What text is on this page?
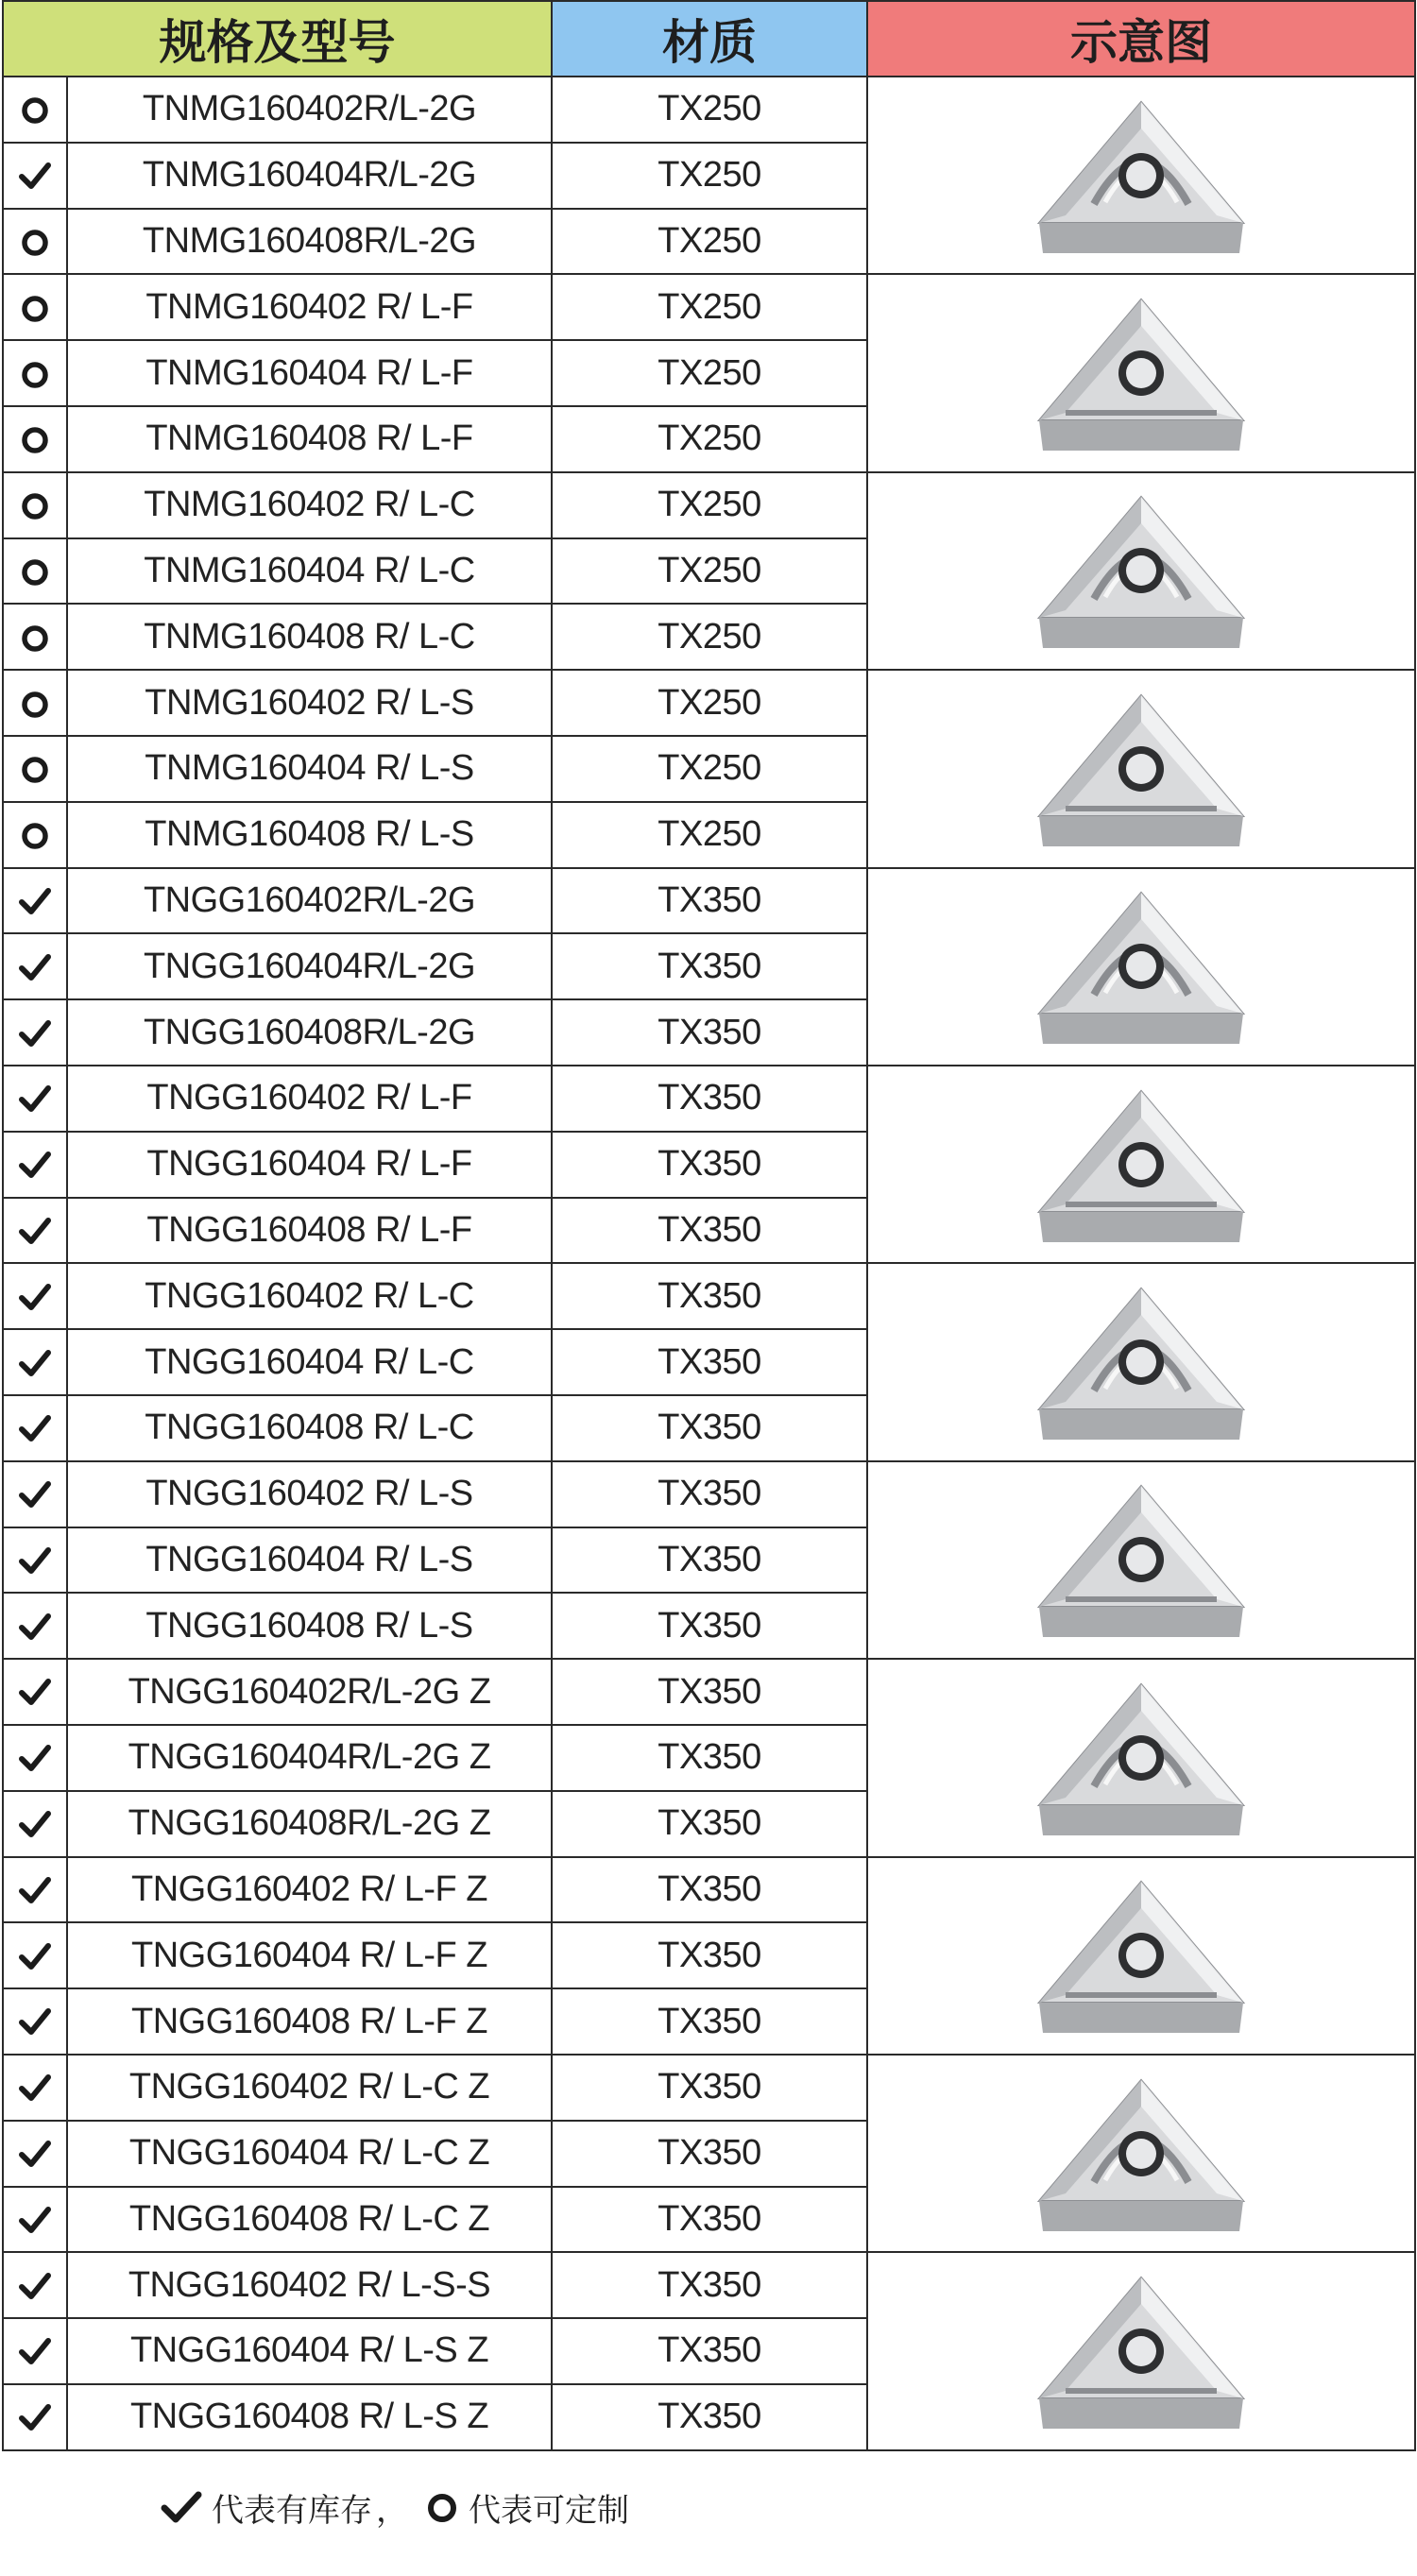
规格及型号		材质	示意图
	TNMG160402R/L-2G	TX250	

	TNMG160404R/L-2G	TX250	
	TNMG160408R/L-2G	TX250	
	TNMG160402 R/ L-F	TX250	

	TNMG160404 R/ L-F	TX250	
	TNMG160408 R/ L-F	TX250	
	TNMG160402 R/ L-C	TX250	

	TNMG160404 R/ L-C	TX250	
	TNMG160408 R/ L-C	TX250	
	TNMG160402 R/ L-S	TX250	

	TNMG160404 R/ L-S	TX250	
	TNMG160408 R/ L-S	TX250	
	TNGG160402R/L-2G	TX350	

	TNGG160404R/L-2G	TX350	
	TNGG160408R/L-2G	TX350	
	TNGG160402 R/ L-F	TX350	

	TNGG160404 R/ L-F	TX350	
	TNGG160408 R/ L-F	TX350	
	TNGG160402 R/ L-C	TX350	

	TNGG160404 R/ L-C	TX350	
	TNGG160408 R/ L-C	TX350	
	TNGG160402 R/ L-S	TX350	

	TNGG160404 R/ L-S	TX350	
	TNGG160408 R/ L-S	TX350	
	TNGG160402R/L-2G Z	TX350	

	TNGG160404R/L-2G Z	TX350	
	TNGG160408R/L-2G Z	TX350	
	TNGG160402 R/ L-F Z	TX350	

	TNGG160404 R/ L-F Z	TX350	
	TNGG160408 R/ L-F Z	TX350	
	TNGG160402 R/ L-C Z	TX350	

	TNGG160404 R/ L-C Z	TX350	
	TNGG160408 R/ L-C Z	TX350	
	TNGG160402 R/ L-S-S	TX350	

	TNGG160404 R/ L-S Z	TX350	
	TNGG160408 R/ L-S Z	TX350	
代表有库存 ， 代表可定制
